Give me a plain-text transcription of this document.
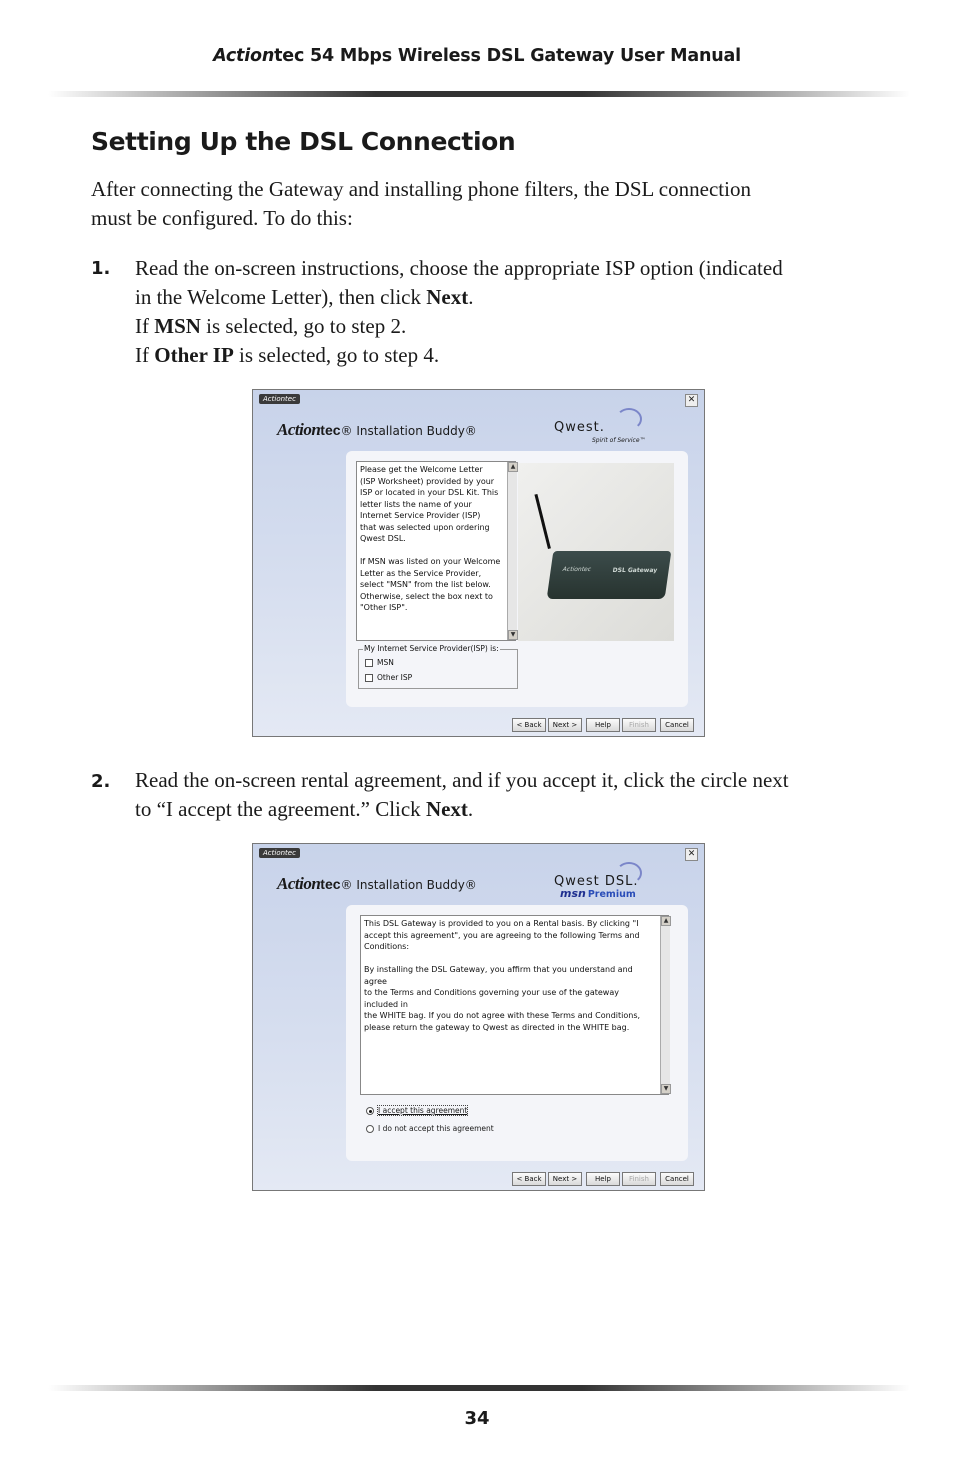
Actiontec 54 Mbps Wireless DSL Gateway User Manual
Setting Up the DSL Connection
After connecting the Gateway and installing phone filters, the DSL connection
must be configured. To do this:
1. Read the on-screen instructions, choose the appropriate ISP option (indicated
in the Welcome Letter), then click Next.
If MSN is selected, go to step 2.
If Other IP is selected, go to step 4.
Actiontec	✕
Actiontec® Installation Buddy®	Qwest.
Spirit of Service™
Please get the Welcome Letter
(ISP Worksheet) provided by your
ISP or located in your DSL Kit. This
letter lists the name of your
Internet Service Provider (ISP)
that was selected upon ordering
Qwest DSL.

If MSN was listed on your Welcome
Letter as the Service Provider,
select "MSN" from the list below.
Otherwise, select the box next to
"Other ISP".
▲
▼
Actiontec	DSL Gateway
My Internet Service Provider(ISP) is:
MSN
Other ISP
< Back	Next >	Help	Finish	Cancel
2. Read the on-screen rental agreement, and if you accept it, click the circle next
to “I accept the agreement.” Click Next.
Actiontec	✕
Actiontec® Installation Buddy®	Qwest DSL.
msn Premium
This DSL Gateway is provided to you on a Rental basis. By clicking "I
accept this agreement", you are agreeing to the following Terms and
Conditions:

By installing the DSL Gateway, you affirm that you understand and agree
to the Terms and Conditions governing your use of the gateway included in
the WHITE bag. If you do not agree with these Terms and Conditions,
please return the gateway to Qwest as directed in the WHITE bag.
▲
▼
I accept this agreement
I do not accept this agreement
< Back	Next >	Help	Finish	Cancel
34
